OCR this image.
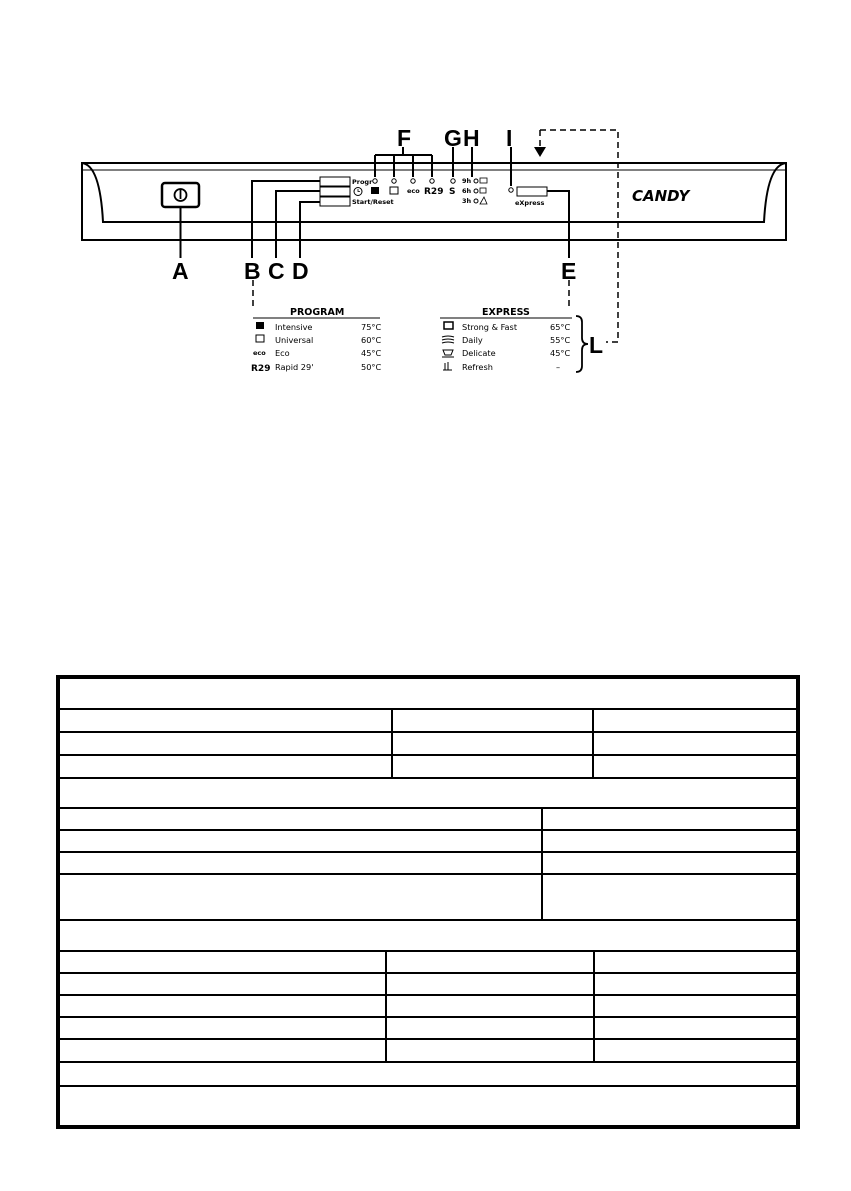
Progr
Start/Reset
eco R29 S
9h
6h
3h	eXpress	CANDY
F G H I
A B C D	E
L
PROGRAM
eco
R29
Intensive	75°C
Universal	60°C
Eco	45°C
Rapid 29'	50°C
EXPRESS
Strong & Fast	65°C
Daily	55°C
Delicate	45°C
Refresh	–
